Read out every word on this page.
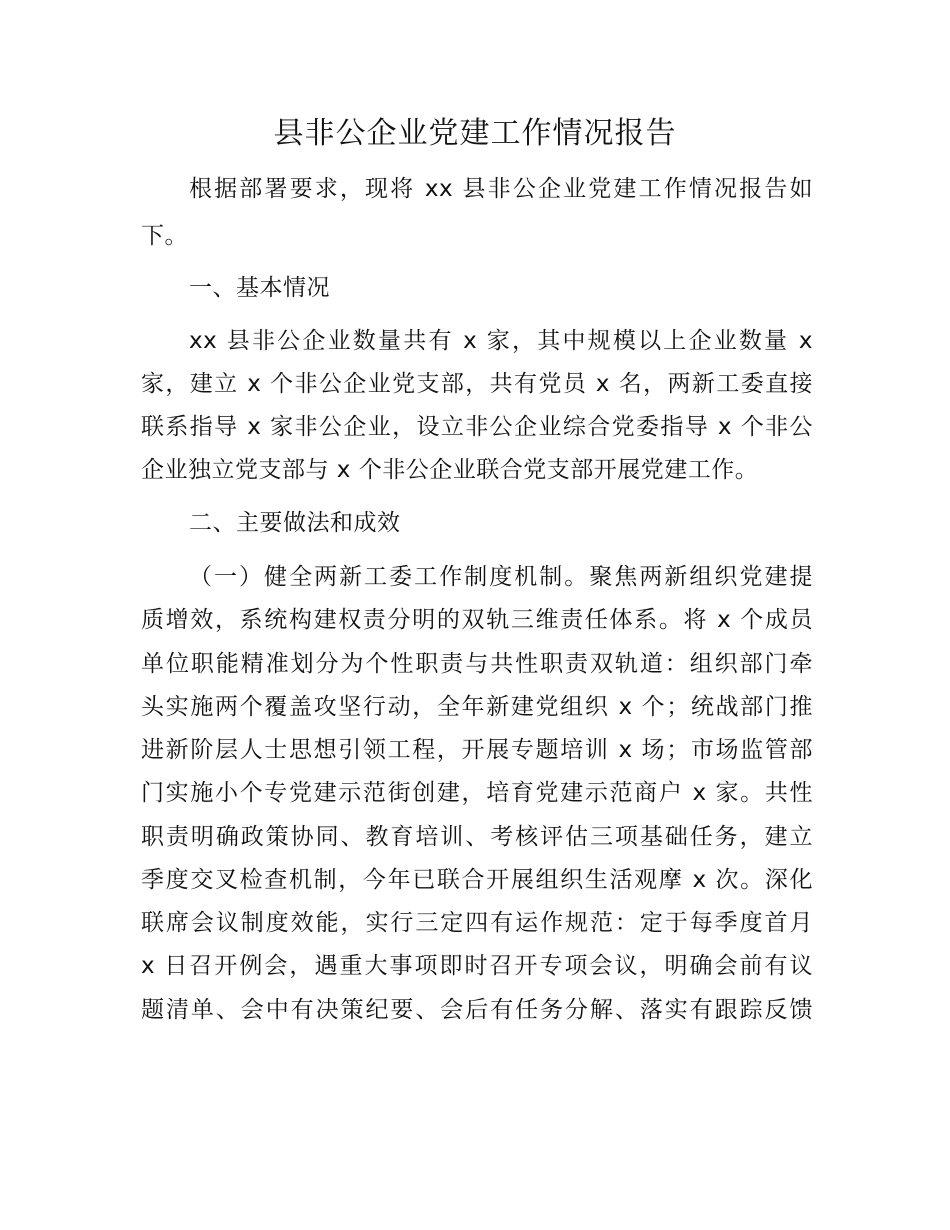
县非公企业党建工作情况报告
根据部署要求，现将 xx 县非公企业党建工作情况报告如
下。
一、基本情况
xx 县非公企业数量共有 x 家，其中规模以上企业数量 x
家，建立 x 个非公企业党支部，共有党员 x 名，两新工委直接
联系指导 x 家非公企业，设立非公企业综合党委指导 x 个非公
企业独立党支部与 x 个非公企业联合党支部开展党建工作。
二、主要做法和成效
（一）健全两新工委工作制度机制。聚焦两新组织党建提
质增效，系统构建权责分明的双轨三维责任体系。将 x 个成员
单位职能精准划分为个性职责与共性职责双轨道：组织部门牵
头实施两个覆盖攻坚行动，全年新建党组织 x 个；统战部门推
进新阶层人士思想引领工程，开展专题培训 x 场；市场监管部
门实施小个专党建示范街创建，培育党建示范商户 x 家。共性
职责明确政策协同、教育培训、考核评估三项基础任务，建立
季度交叉检查机制，今年已联合开展组织生活观摩 x 次。深化
联席会议制度效能，实行三定四有运作规范：定于每季度首月
x 日召开例会，遇重大事项即时召开专项会议，明确会前有议
题清单、会中有决策纪要、会后有任务分解、落实有跟踪反馈
